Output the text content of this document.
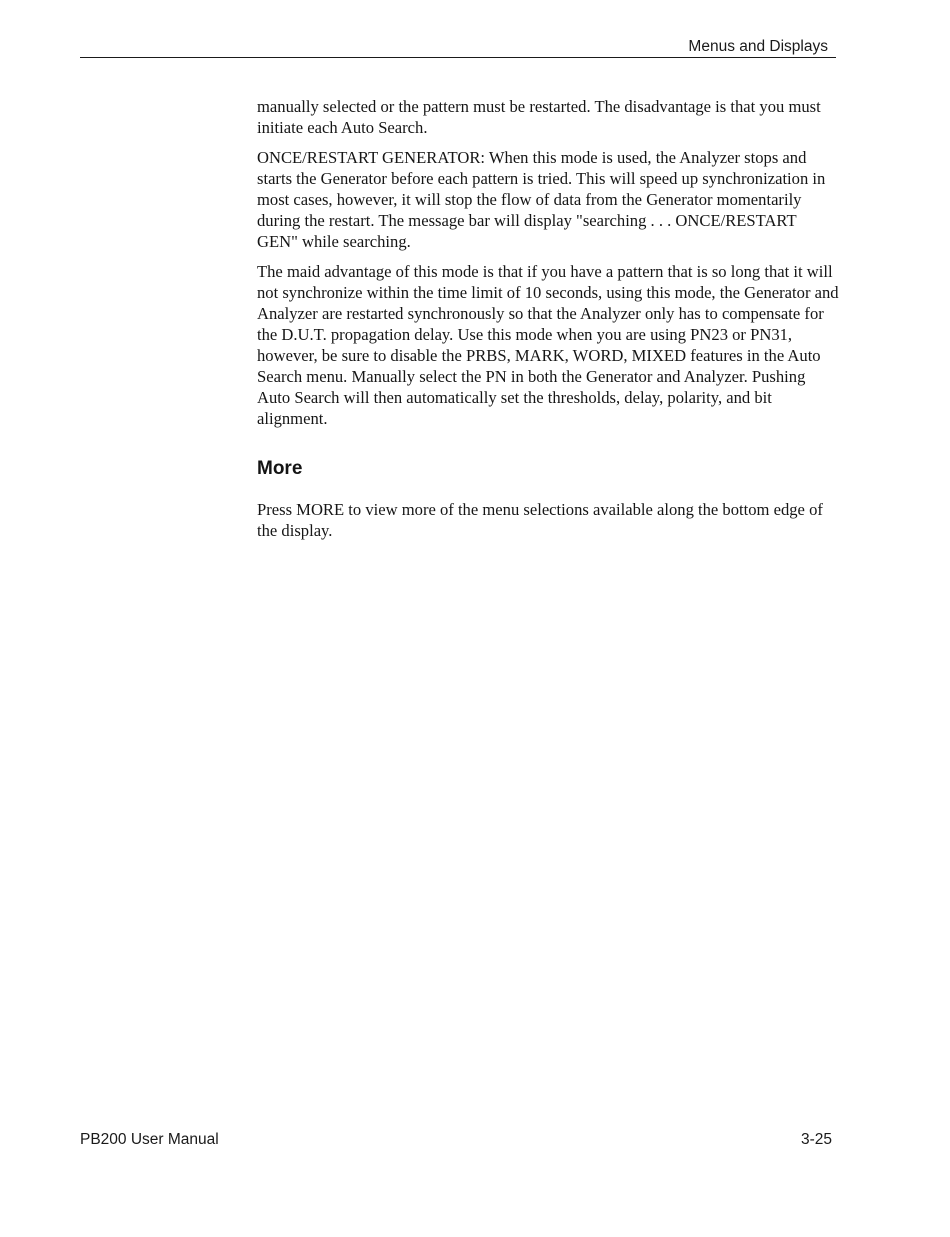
Menus and Displays

manually selected or the pattern must be restarted. The disadvantage is that you must initiate each Auto Search.

ONCE/RESTART GENERATOR: When this mode is used, the Analyzer stops and starts the Generator before each pattern is tried. This will speed up synchronization in most cases, however, it will stop the flow of data from the Generator momentarily during the restart. The message bar will display "searching . . . ONCE/RESTART GEN" while searching.

The maid advantage of this mode is that if you have a pattern that is so long that it will not synchronize within the time limit of 10 seconds, using this mode, the Generator and Analyzer are restarted synchronously so that the Analyzer only has to compensate for the D.U.T. propagation delay. Use this mode when you are using PN23 or PN31, however, be sure to disable the PRBS, MARK, WORD, MIXED features in the Auto Search menu. Manually select the PN in both the Generator and Analyzer. Pushing Auto Search will then automatically set the thresholds, delay, polarity, and bit alignment.

More

Press MORE to view more of the menu selections available along the bottom edge of the display.

PB200 User Manual	3-25
